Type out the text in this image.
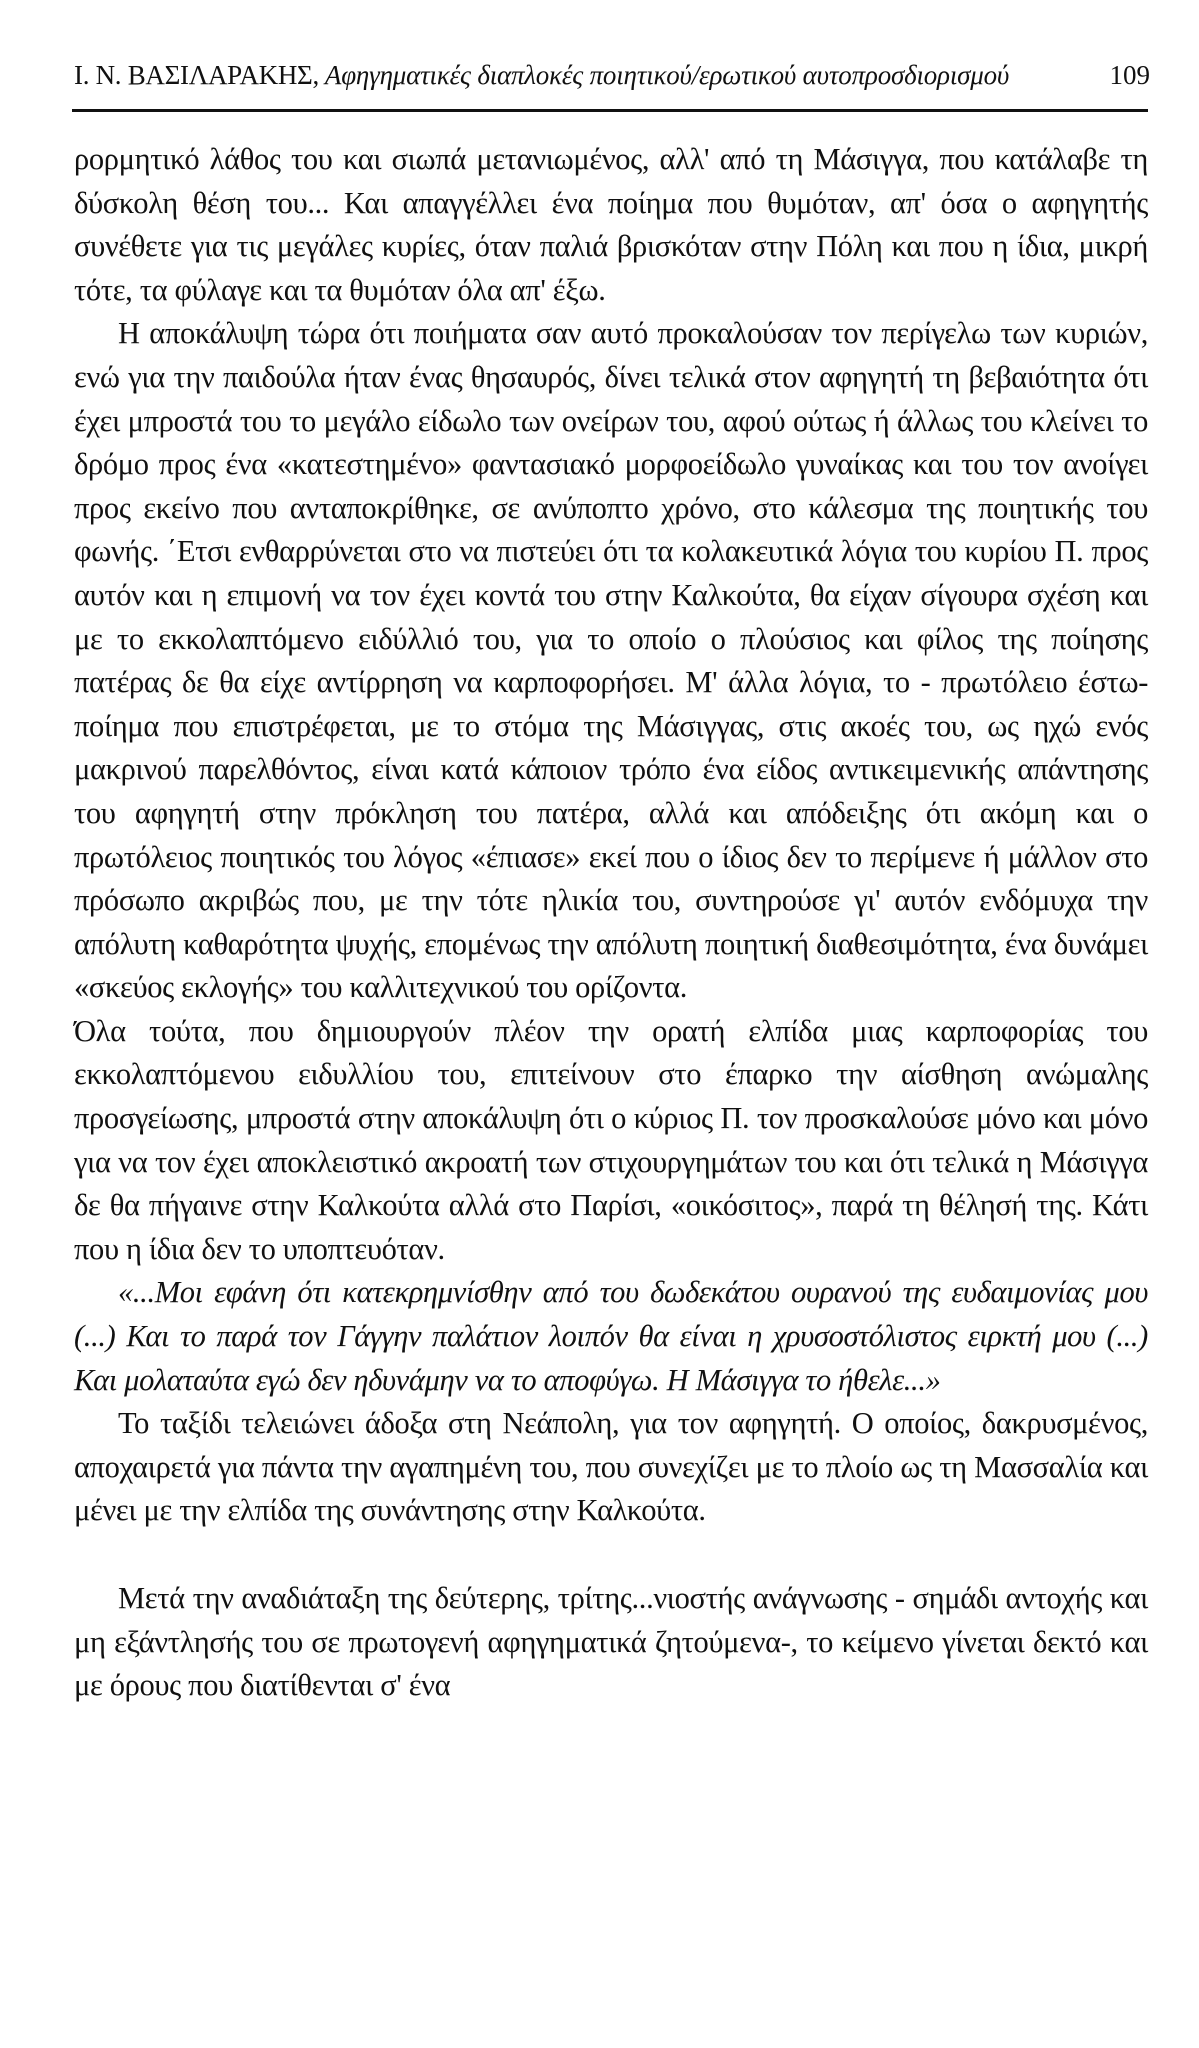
Ι. Ν. ΒΑΣΙΛΑΡΑΚΗΣ, Αφηγηματικές διαπλοκές ποιητικού/ερωτικού αυτοπροσδιορισμού	109

ρορμητικό λάθος του και σιωπά μετανιωμένος, αλλ' από τη Μάσιγγα, που κατάλαβε τη δύσκολη θέση του... Και απαγγέλλει ένα ποίημα που θυμόταν, απ' όσα ο αφηγητής συνέθετε για τις μεγάλες κυρίες, όταν παλιά βρισκόταν στην Πόλη και που η ίδια, μικρή τότε, τα φύλαγε και τα θυμόταν όλα απ' έξω.

Η αποκάλυψη τώρα ότι ποιήματα σαν αυτό προκαλούσαν τον περίγελω των κυριών, ενώ για την παιδούλα ήταν ένας θησαυρός, δίνει τελικά στον αφηγητή τη βεβαιότητα ότι έχει μπροστά του το μεγάλο είδωλο των ονείρων του, αφού ούτως ή άλλως του κλείνει το δρόμο προς ένα «κατεστημένο» φαντασιακό μορφοείδωλο γυναίκας και του τον ανοίγει προς εκείνο που ανταποκρίθηκε, σε ανύποπτο χρόνο, στο κάλεσμα της ποιητικής του φωνής. ΄Ετσι ενθαρρύνεται στο να πιστεύει ότι τα κολακευτικά λόγια του κυρίου Π. προς αυτόν και η επιμονή να τον έχει κοντά του στην Καλκούτα, θα είχαν σίγουρα σχέση και με το εκκολαπτόμενο ειδύλλιό του, για το οποίο ο πλούσιος και φίλος της ποίησης πατέρας δε θα είχε αντίρρηση να καρποφορήσει. Μ' άλλα λόγια, το - πρωτόλειο έστω- ποίημα που επιστρέφεται, με το στόμα της Μάσιγγας, στις ακοές του, ως ηχώ ενός μακρινού παρελθόντος, είναι κατά κάποιον τρόπο ένα είδος αντικειμενικής απάντησης του αφηγητή στην πρόκληση του πατέρα, αλλά και απόδειξης ότι ακόμη και ο πρωτόλειος ποιητικός του λόγος «έπιασε» εκεί που ο ίδιος δεν το περίμενε ή μάλλον στο πρόσωπο ακριβώς που, με την τότε ηλικία του, συντηρούσε γι' αυτόν ενδόμυχα την απόλυτη καθαρότητα ψυχής, επομένως την απόλυτη ποιητική διαθεσιμότητα, ένα δυνάμει «σκεύος εκλογής» του καλλιτεχνικού του ορίζοντα.

Όλα τούτα, που δημιουργούν πλέον την ορατή ελπίδα μιας καρποφορίας του εκκολαπτόμενου ειδυλλίου του, επιτείνουν στο έπαρκο την αίσθηση ανώμαλης προσγείωσης, μπροστά στην αποκάλυψη ότι ο κύριος Π. τον προσκαλούσε μόνο και μόνο για να τον έχει αποκλειστικό ακροατή των στιχουργημάτων του και ότι τελικά η Μάσιγγα δε θα πήγαινε στην Καλκούτα αλλά στο Παρίσι, «οικόσιτος», παρά τη θέλησή της. Κάτι που η ίδια δεν το υποπτευόταν.

«...Μοι εφάνη ότι κατεκρημνίσθην από του δωδεκάτου ουρανού της ευδαιμονίας μου (...) Και το παρά τον Γάγγην παλάτιον λοιπόν θα είναι η χρυσοστόλιστος ειρκτή μου (...) Και μολαταύτα εγώ δεν ηδυνάμην να το αποφύγω. Η Μάσιγγα το ήθελε...»

Το ταξίδι τελειώνει άδοξα στη Νεάπολη, για τον αφηγητή. Ο οποίος, δακρυσμένος, αποχαιρετά για πάντα την αγαπημένη του, που συνεχίζει με το πλοίο ως τη Μασσαλία και μένει με την ελπίδα της συνάντησης στην Καλκούτα.

Μετά την αναδιάταξη της δεύτερης, τρίτης...νιοστής ανάγνωσης - σημάδι αντοχής και μη εξάντλησής του σε πρωτογενή αφηγηματικά ζητούμενα-, το κείμενο γίνεται δεκτό και με όρους που διατίθενται σ' ένα
